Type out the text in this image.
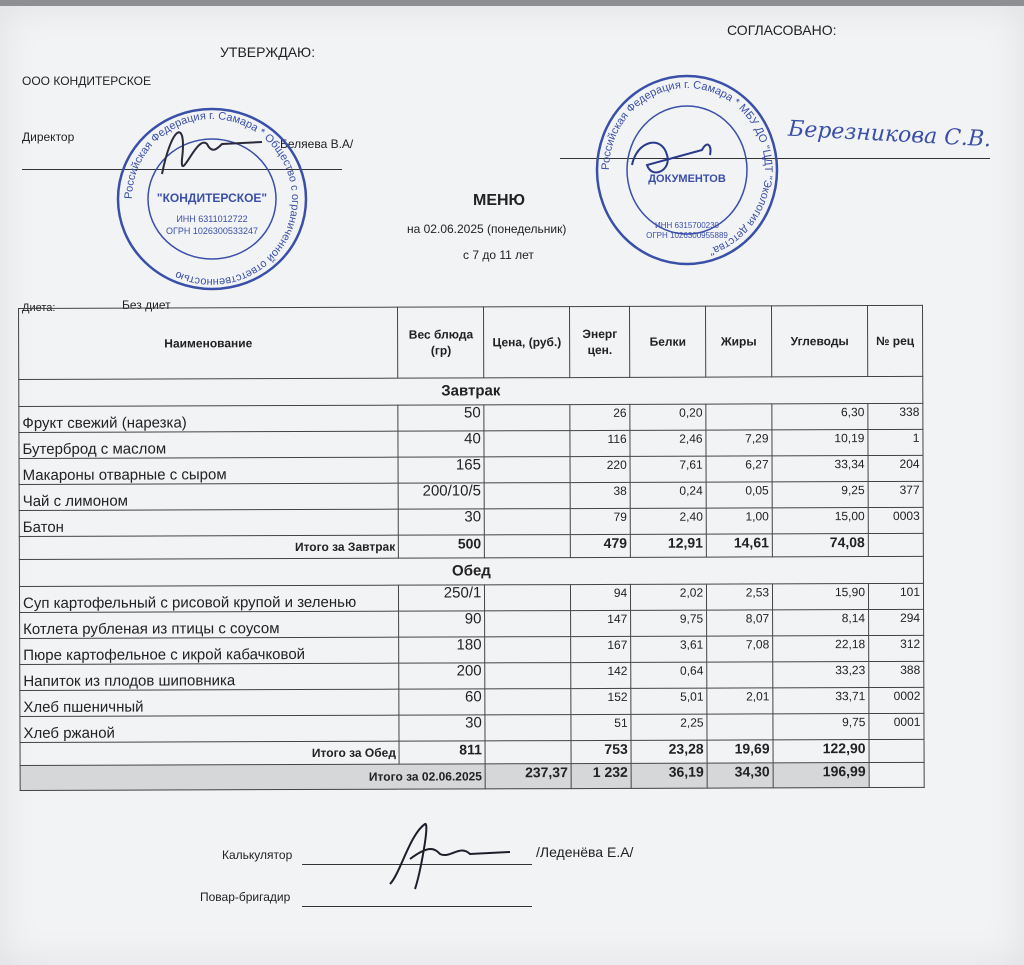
УТВЕРЖДАЮ:
СОГЛАСОВАНО:
ООО КОНДИТЕРСКОЕ
Директор	Беляева В.А/	Березникова С.В.
МЕНЮ
на 02.06.2025 (понедельник)
с 7 до 11 лет
Диета:	Без диет
Российская Федерация г. Самара * Общество с ограниченной ответственностью
"КОНДИТЕРСКОЕ"
ИНН 6311012722
ОГРН 1026300533247
Российская Федерация г. Самара * МБУ ДО "ЦДТ "Экология детства"
ДОКУМЕНТОВ
ИНН 6315700230
ОГРН 1026300955889
Наименование	Вес блюда (гр)	Цена, (руб.)	Энерг цен.	Белки	Жиры	Углеводы	№ рец
Завтрак							
Фрукт свежий (нарезка)	50		26	0,20		6,30	338
Бутерброд с маслом	40		116	2,46	7,29	10,19	1
Макароны отварные с сыром	165		220	7,61	6,27	33,34	204
Чай с лимоном	200/10/5		38	0,24	0,05	9,25	377
Батон	30		79	2,40	1,00	15,00	0003
Итого за Завтрак	500		479	12,91	14,61	74,08	
Обед							
Суп картофельный с рисовой крупой и зеленью	250/1		94	2,02	2,53	15,90	101
Котлета рубленая из птицы с соусом	90		147	9,75	8,07	8,14	294
Пюре картофельное с икрой кабачковой	180		167	3,61	7,08	22,18	312
Напиток из плодов шиповника	200		142	0,64		33,23	388
Хлеб пшеничный	60		152	5,01	2,01	33,71	0002
Хлеб ржаной	30		51	2,25		9,75	0001
Итого за Обед	811		753	23,28	19,69	122,90	
Итого за 02.06.2025		237,37	1 232	36,19	34,30	196,99	
Калькулятор	/Леденёва Е.А/
Повар-бригадир
